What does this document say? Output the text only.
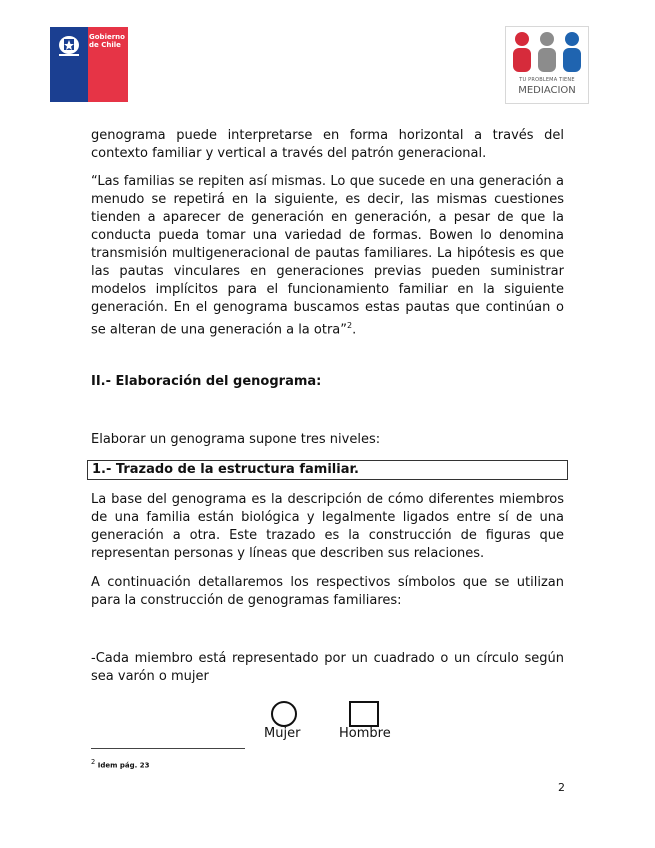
Gobierno
de Chile
TU PROBLEMA TIENE
MEDIACION

genograma puede interpretarse en forma horizontal a través del contexto familiar y vertical a través del patrón generacional.

“Las familias se repiten así mismas. Lo que sucede en una generación a menudo se repetirá en la siguiente, es decir, las mismas cuestiones tienden a aparecer de generación en generación, a pesar de que la conducta pueda tomar una variedad de formas. Bowen lo denomina transmisión multigeneracional de pautas familiares. La hipótesis es que las pautas vinculares en generaciones previas pueden suministrar modelos implícitos para el funcionamiento familiar en la siguiente generación. En el genograma buscamos estas pautas que continúan o se alteran de una generación a la otra”$^2$.

II.- Elaboración del genograma:

Elaborar un genograma supone tres niveles:

1.- Trazado de la estructura familiar.

La base del genograma es la descripción de cómo diferentes miembros de una familia están biológica y legalmente ligados entre sí de una generación a otra. Este trazado es la construcción de figuras que representan personas y líneas que describen sus relaciones.

A continuación detallaremos los respectivos símbolos que se utilizan para la construcción de genogramas familiares:

-Cada miembro está representado por un cuadrado o un círculo según sea varón o mujer

Mujer	Hombre
$^2$ Idem pág. 23
2
